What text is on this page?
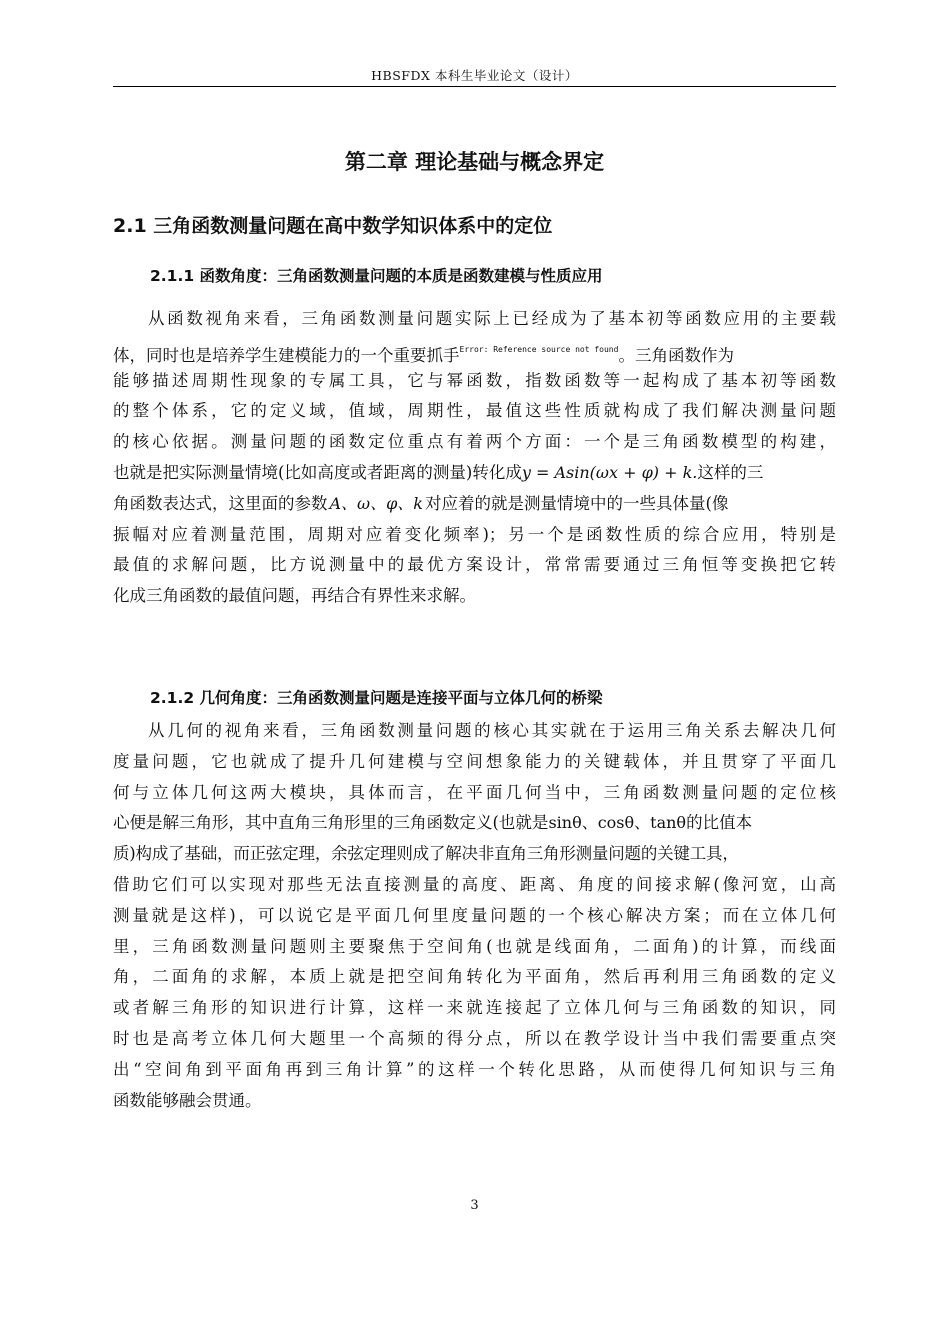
HBSFDX 本科生毕业论文（设计）
第二章 理论基础与概念界定
2.1 三角函数测量问题在高中数学知识体系中的定位
2.1.1 函数角度：三角函数测量问题的本质是函数建模与性质应用
从函数视角来看，三角函数测量问题实际上已经成为了基本初等函数应用的主要载
体，同时也是培养学生建模能力的一个重要抓手$^{Error: Reference source not found}$。三角函数作为
能够描述周期性现象的专属工具，它与幂函数，指数函数等一起构成了基本初等函数
的整个体系，它的定义域，值域，周期性，最值这些性质就构成了我们解决测量问题
的核心依据。测量问题的函数定位重点有着两个方面：一个是三角函数模型的构建，
也就是把实际测量情境(比如高度或者距离的测量)转化成y = Asin(ωx + φ) + k.这样的三
角函数表达式，这里面的参数 A、ω、φ、k 对应着的就是测量情境中的一些具体量(像
振幅对应着测量范围，周期对应着变化频率)；另一个是函数性质的综合应用，特别是
最值的求解问题，比方说测量中的最优方案设计，常常需要通过三角恒等变换把它转
化成三角函数的最值问题，再结合有界性来求解。
2.1.2 几何角度：三角函数测量问题是连接平面与立体几何的桥梁
从几何的视角来看，三角函数测量问题的核心其实就在于运用三角关系去解决几何
度量问题，它也就成了提升几何建模与空间想象能力的关键载体，并且贯穿了平面几
何与立体几何这两大模块，具体而言，在平面几何当中，三角函数测量问题的定位核
心便是解三角形，其中直角三角形里的三角函数定义(也就是sinθ、cosθ、tanθ的比值本
质)构成了基础，而正弦定理，余弦定理则成了解决非直角三角形测量问题的关键工具，
借助它们可以实现对那些无法直接测量的高度、距离、角度的间接求解(像河宽，山高
测量就是这样)，可以说它是平面几何里度量问题的一个核心解决方案；而在立体几何
里，三角函数测量问题则主要聚焦于空间角(也就是线面角，二面角)的计算，而线面
角，二面角的求解，本质上就是把空间角转化为平面角，然后再利用三角函数的定义
或者解三角形的知识进行计算，这样一来就连接起了立体几何与三角函数的知识，同
时也是高考立体几何大题里一个高频的得分点，所以在教学设计当中我们需要重点突
出“空间角到平面角再到三角计算”的这样一个转化思路，从而使得几何知识与三角
函数能够融会贯通。
3
